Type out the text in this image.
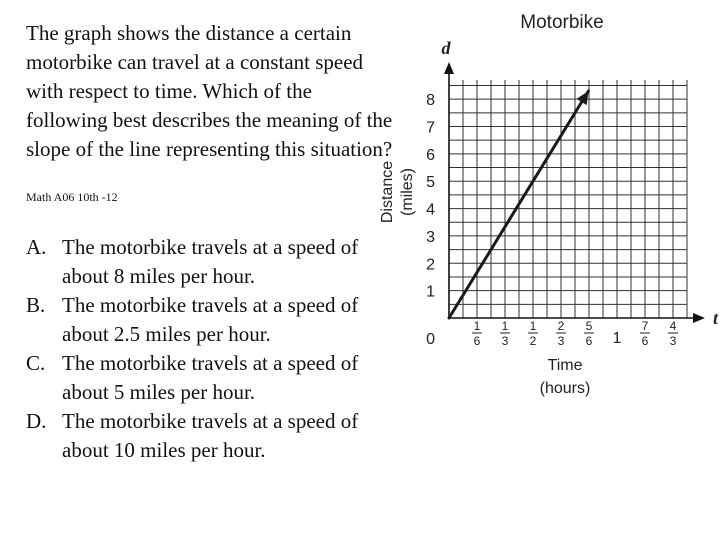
The graph shows the distance a certain motorbike can travel at a constant speed with respect to time. Which of the following best describes the meaning of the slope of the line representing this situation?

Math A06 10th -12
A. The motorbike travels at a speed of about 8 miles per hour.
B. The motorbike travels at a speed of about 2.5 miles per hour.
C. The motorbike travels at a speed of about 5 miles per hour.
D. The motorbike travels at a speed of about 10 miles per hour.
Motorbike
1
2
3
4
5
6
7
8
1
6
1
3
1
2
2
3
5
6 1
7
6
4
3
0
d
t
Time
(hours)
Distance (miles)
